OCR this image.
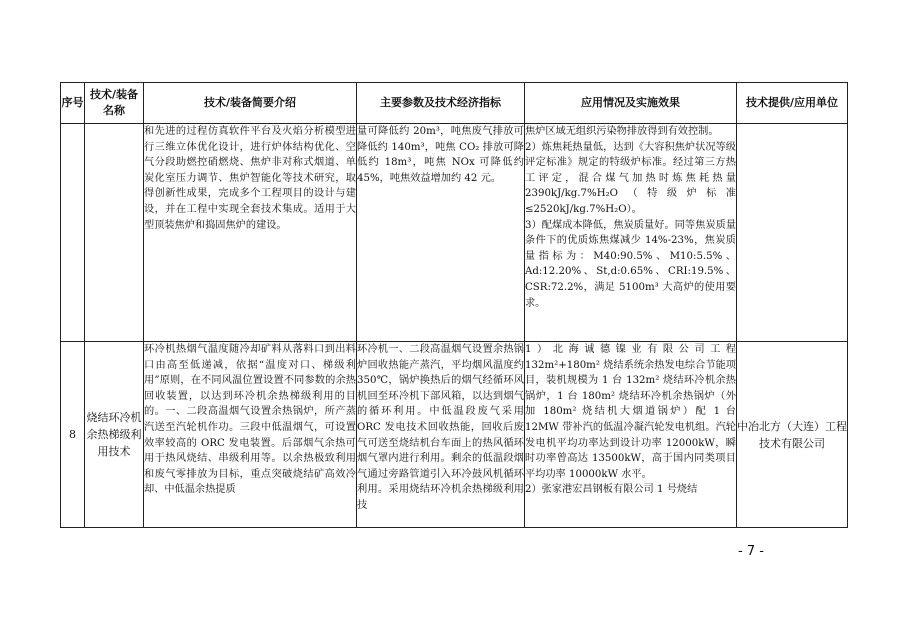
序号	技术/装备名称	技术/装备简要介绍	主要参数及技术经济指标	应用情况及实施效果	技术提供/应用单位
		和先进的过程仿真软件平台及火焰分析模型进行三维立体优化设计，进行炉体结构优化、空气分段助燃控硝燃烧、焦炉非对称式烟道、单炭化室压力调节、焦炉智能化等技术研究，取得创新性成果，完成多个工程项目的设计与建设，并在工程中实现全套技术集成。适用于大型顶装焦炉和捣固焦炉的建设。	量可降低约 20m³，吨焦废气排放可降低约 140m³，吨焦 CO₂ 排放可降低约 18m³，吨焦 NOx 可降低约 45%，吨焦效益增加约 42 元。	焦炉区域无组织污染物排放得到有效控制。

2）炼焦耗热量低，达到《大容积焦炉状况等级评定标准》规定的特级炉标准。经过第三方热工评定，混合煤气加热时炼焦耗热量 2390kJ/kg.7%H₂O（特级炉标准≤2520kJ/kg.7%H₂O）。

3）配煤成本降低，焦炭质量好。同等焦炭质量条件下的优质炼焦煤减少 14%-23%，焦炭质量指标为：M40:90.5%、M10:5.5%、Ad:12.20%、St,d:0.65%、CRI:19.5%、CSR:72.2%，满足 5100m³ 大高炉的使用要求。	

8	烧结环冷机余热梯级利用技术	环冷机热烟气温度随冷却矿料从落料口到出料口由高至低递减，依据“温度对口、梯级利用”原则，在不同风温位置设置不同参数的余热回收装置，以达到环冷机余热梯级利用的目的。一、二段高温烟气设置余热锅炉，所产蒸汽送至汽轮机作功。三段中低温烟气，可设置效率较高的 ORC 发电装置。后部烟气余热可用于热风烧结、串级利用等。以余热极致利用和废气零排放为目标，重点突破烧结矿高效冷却、中低温余热提质	环冷机一、二段高温烟气设置余热锅炉回收热能产蒸汽，平均烟风温度约 350℃，锅炉换热后的烟气经循环风机回至环冷机下部风箱，以达到烟气的循环利用。中低温段废气采用 ORC 发电技术回收热能，回收后废气可送至烧结机台车面上的热风循环烟气罩内进行利用。剩余的低温段烟气通过旁路管道引入环冷鼓风机循环利用。采用烧结环冷机余热梯级利用技	1）北海诚德镍业有限公司工程 132m²+180m² 烧结系统余热发电综合节能项目，装机规模为 1 台 132m² 烧结环冷机余热锅炉，1 台 180m² 烧结环冷机余热锅炉（外加 180m² 烧结机大烟道锅炉）配 1 台 12MW 带补汽的低温冷凝汽轮发电机组。汽轮发电机平均功率达到设计功率 12000kW，瞬时功率曾高达 13500kW，高于国内同类项目平均功率 10000kW 水平。

2）张家港宏昌钢板有限公司 1 号烧结	中冶北方（大连）工程技术有限公司
- 7 -
